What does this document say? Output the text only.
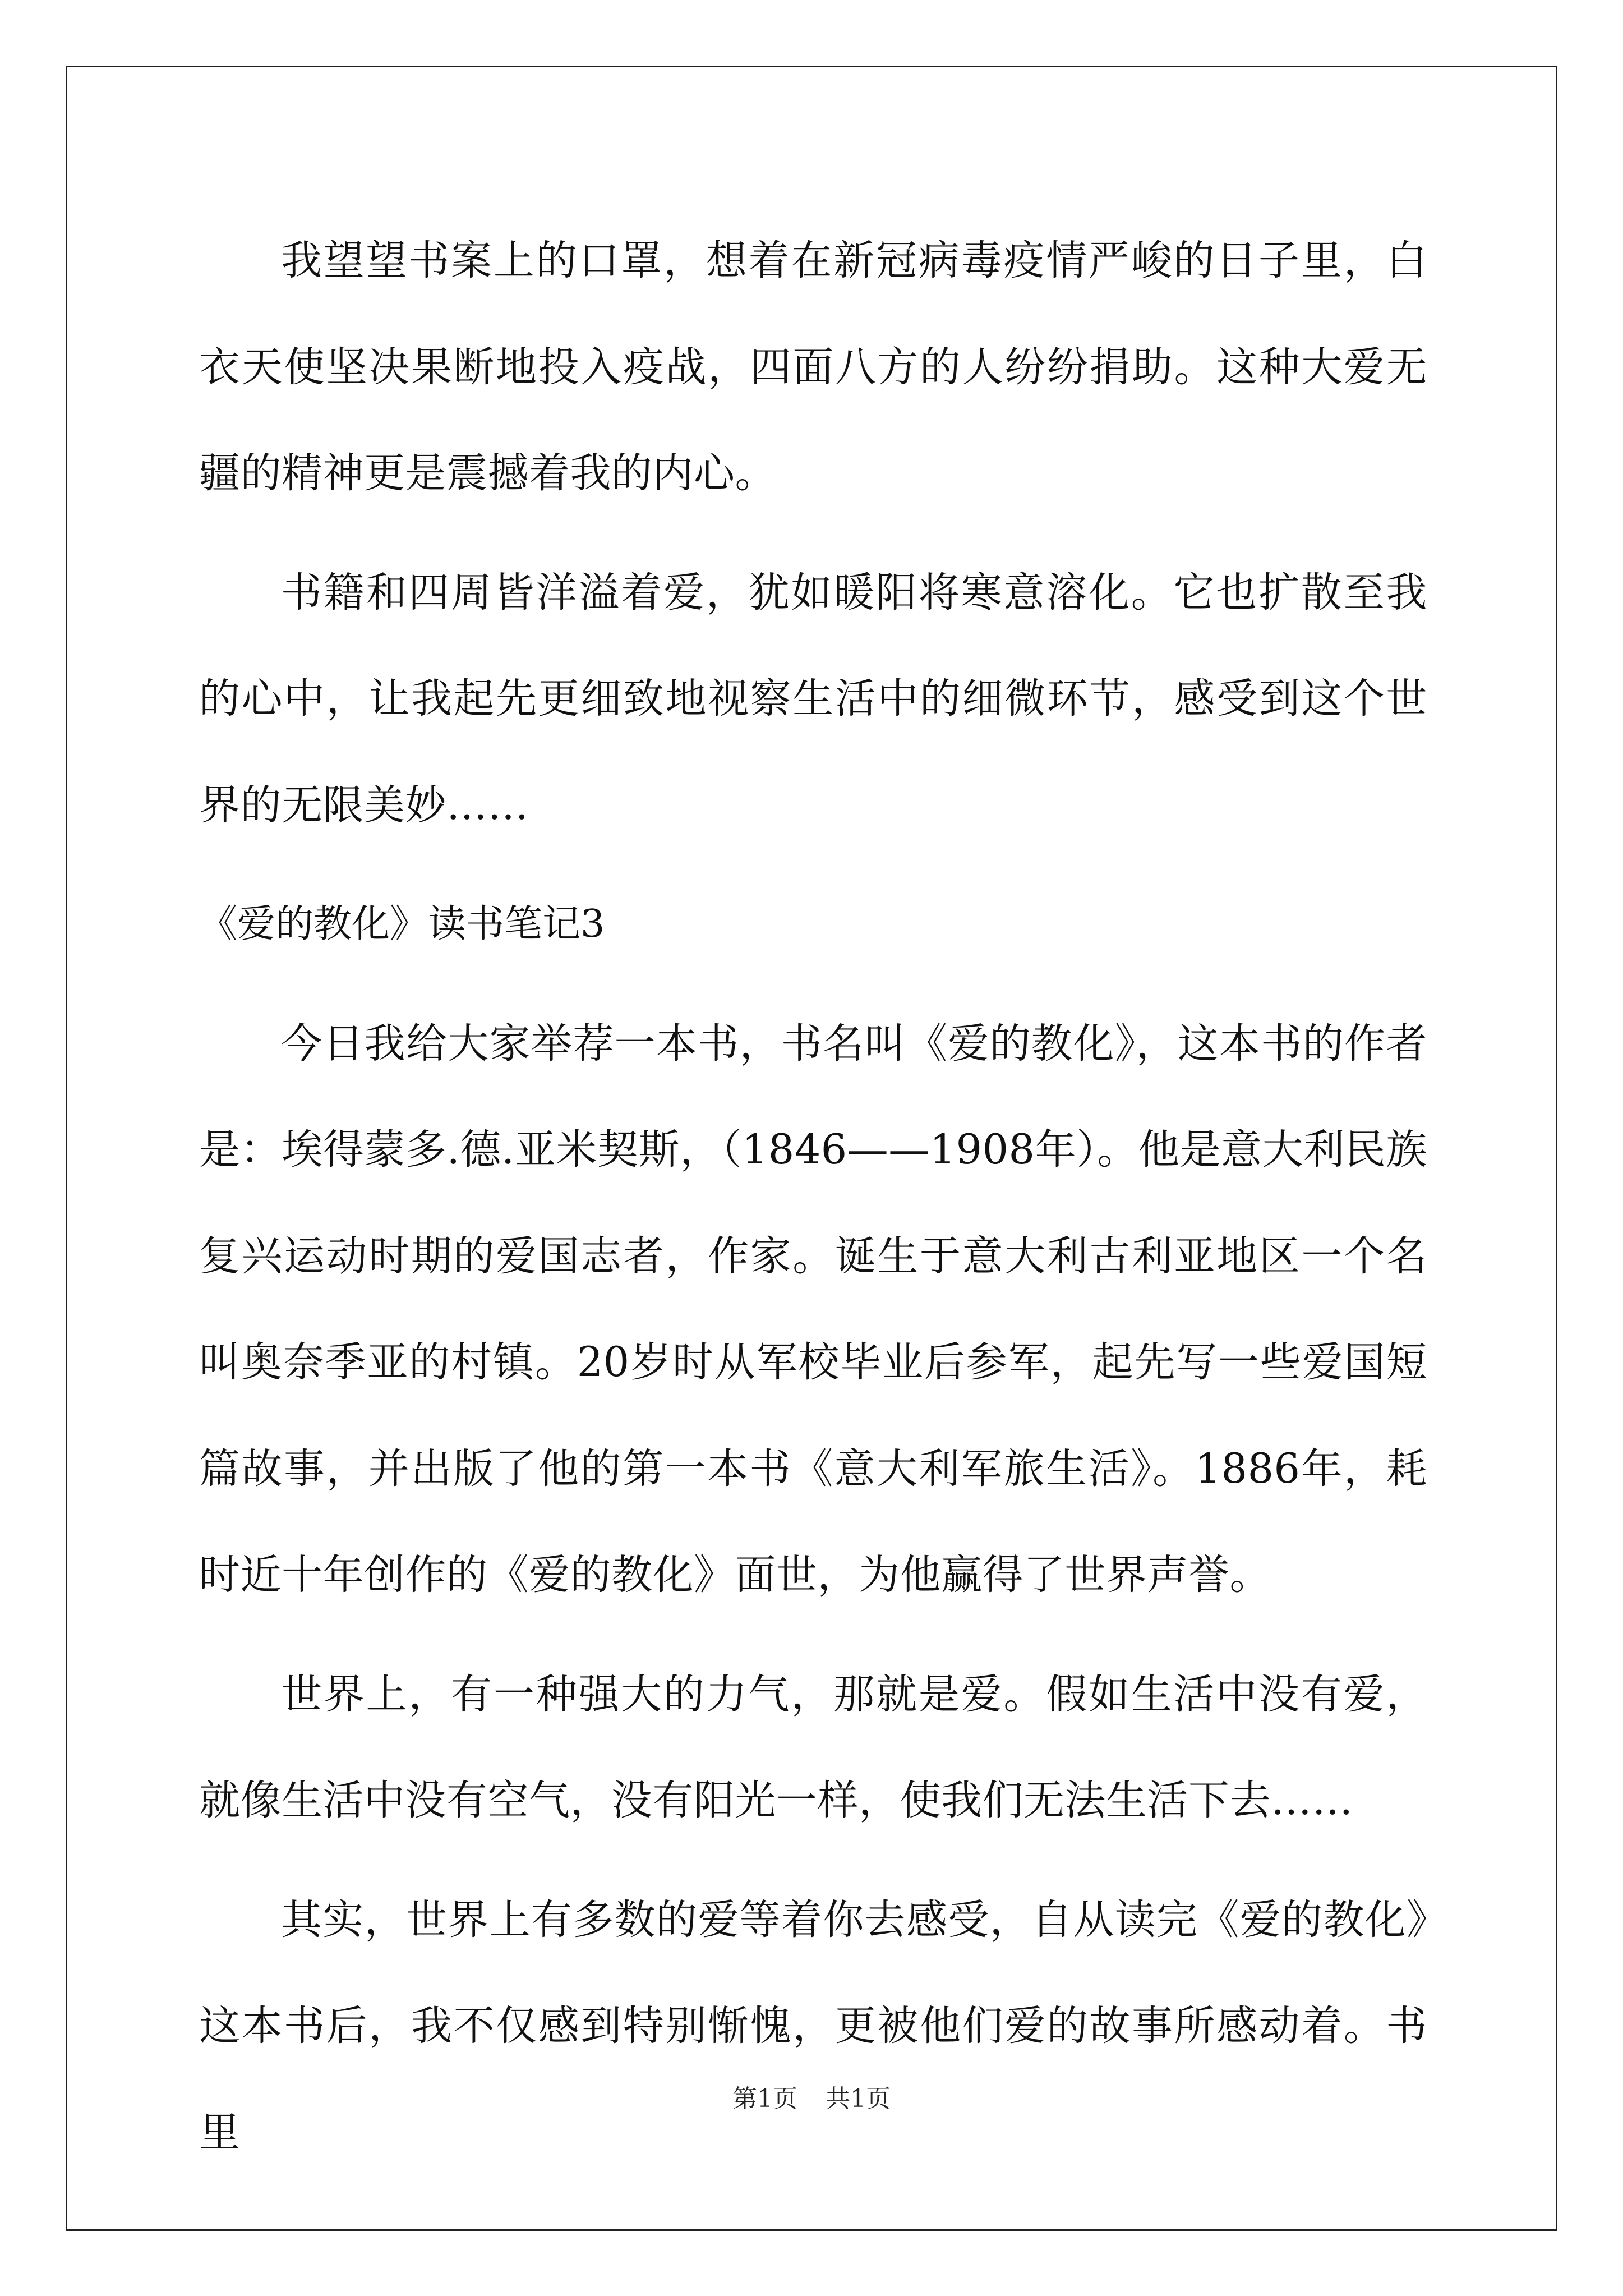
我望望书案上的口罩，想着在新冠病毒疫情严峻的日子里，白衣天使坚决果断地投入疫战，四面八方的人纷纷捐助。这种大爱无疆的精神更是震撼着我的内心。

书籍和四周皆洋溢着爱，犹如暖阳将寒意溶化。它也扩散至我的心中，让我起先更细致地视察生活中的细微环节，感受到这个世界的无限美妙……

《爱的教化》读书笔记3

今日我给大家举荐一本书，书名叫《爱的教化》，这本书的作者是：埃得蒙多.德.亚米契斯，（1846——1908年）。他是意大利民族复兴运动时期的爱国志者，作家。诞生于意大利古利亚地区一个名叫奥奈季亚的村镇。20岁时从军校毕业后参军，起先写一些爱国短篇故事，并出版了他的第一本书《意大利军旅生活》。1886年，耗时近十年创作的《爱的教化》面世，为他赢得了世界声誉。

世界上，有一种强大的力气，那就是爱。假如生活中没有爱，就像生活中没有空气，没有阳光一样，使我们无法生活下去……

其实，世界上有多数的爱等着你去感受，自从读完《爱的教化》这本书后，我不仅感到特别惭愧，更被他们爱的故事所感动着。书里

第1页 共1页
